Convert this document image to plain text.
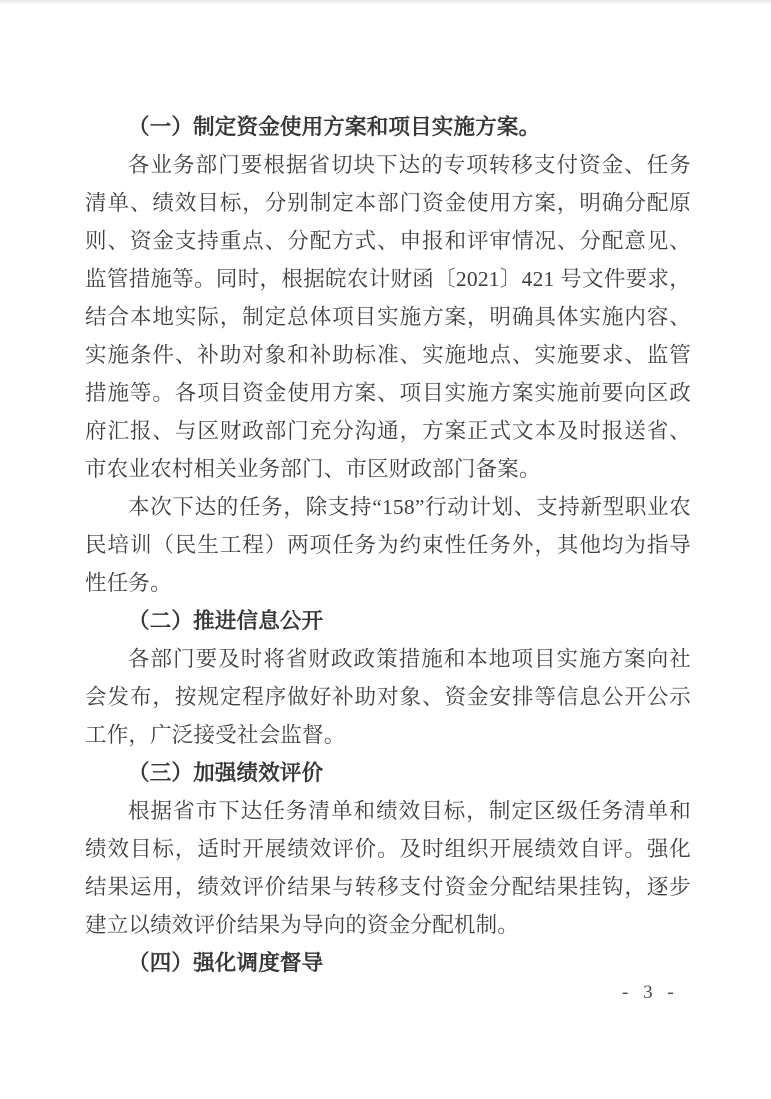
（一）制定资金使用方案和项目实施方案。

各业务部门要根据省切块下达的专项转移支付资金、任务清单、绩效目标，分别制定本部门资金使用方案，明确分配原则、资金支持重点、分配方式、申报和评审情况、分配意见、监管措施等。同时，根据皖农计财函〔2021〕421 号文件要求，结合本地实际，制定总体项目实施方案，明确具体实施内容、实施条件、补助对象和补助标准、实施地点、实施要求、监管措施等。各项目资金使用方案、项目实施方案实施前要向区政府汇报、与区财政部门充分沟通，方案正式文本及时报送省、市农业农村相关业务部门、市区财政部门备案。

本次下达的任务，除支持“158”行动计划、支持新型职业农民培训（民生工程）两项任务为约束性任务外，其他均为指导性任务。

（二）推进信息公开

各部门要及时将省财政政策措施和本地项目实施方案向社会发布，按规定程序做好补助对象、资金安排等信息公开公示工作，广泛接受社会监督。

（三）加强绩效评价

根据省市下达任务清单和绩效目标，制定区级任务清单和绩效目标，适时开展绩效评价。及时组织开展绩效自评。强化结果运用，绩效评价结果与转移支付资金分配结果挂钩，逐步建立以绩效评价结果为导向的资金分配机制。

（四）强化调度督导

- 3 -
